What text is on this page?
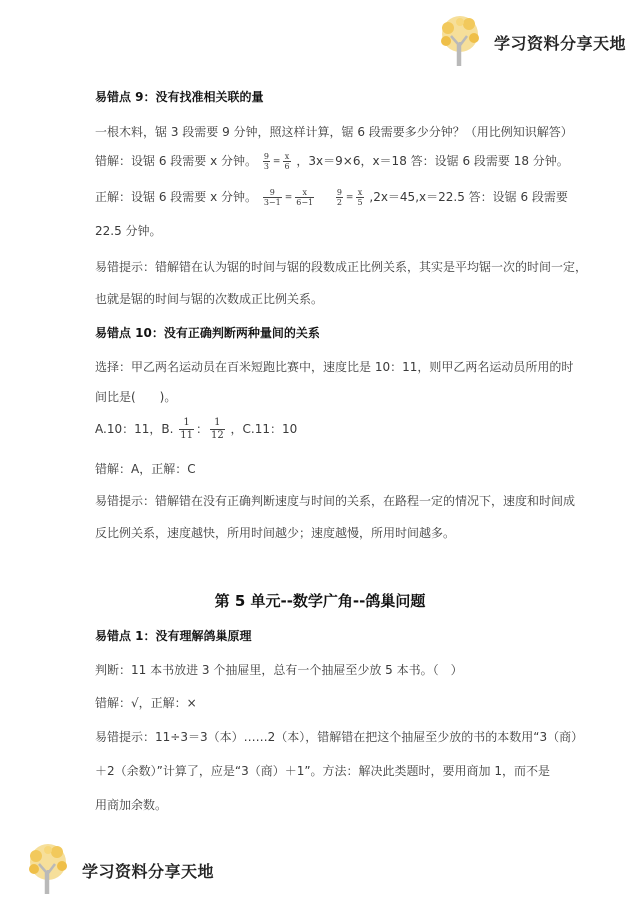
学习资料分享天地
易错点 9：没有找准相关联的量
一根木料，锯 3 段需要 9 分钟，照这样计算，锯 6 段需要多少分钟？（用比例知识解答）
错解：设锯 6 段需要 x 分钟。 $\frac{9}{3} = \frac{x}{6}$ ，3x＝9×6，x＝18 答：设锯 6 段需要 18 分钟。
正解：设锯 6 段需要 x 分钟。 $\frac{9}{3-1} = \frac{x}{6-1}$
	$\frac{9}{2} = \frac{x}{5} ,2x=45,x=22.5$ 答：设锯 6 段需要
22.5 分钟。
易错提示：错解错在认为锯的时间与锯的段数成正比例关系，其实是平均锯一次的时间一定，
也就是锯的时间与锯的次数成正比例关系。
易错点 10：没有正确判断两种量间的关系
选择：甲乙两名运动员在百米短跑比赛中，速度比是 10：11，则甲乙两名运动员所用的时
间比是(　　)。
A.10：11，B. $\frac{1}{11}$ ： $\frac{1}{12}$ ，C.11：10
错解：A，正解：C
易错提示：错解错在没有正确判断速度与时间的关系，在路程一定的情况下，速度和时间成
反比例关系，速度越快，所用时间越少；速度越慢，所用时间越多。
第 5 单元--数学广角--鸽巢问题
易错点 1：没有理解鸽巢原理
判断：11 本书放进 3 个抽屉里，总有一个抽屉至少放 5 本书。（　）
错解：√，正解：×
易错提示：11÷3＝3（本）……2（本），错解错在把这个抽屉至少放的书的本数用“3（商）
＋2（余数）”计算了，应是“3（商）＋1”。方法：解决此类题时，要用商加 1，而不是
用商加余数。
学习资料分享天地
